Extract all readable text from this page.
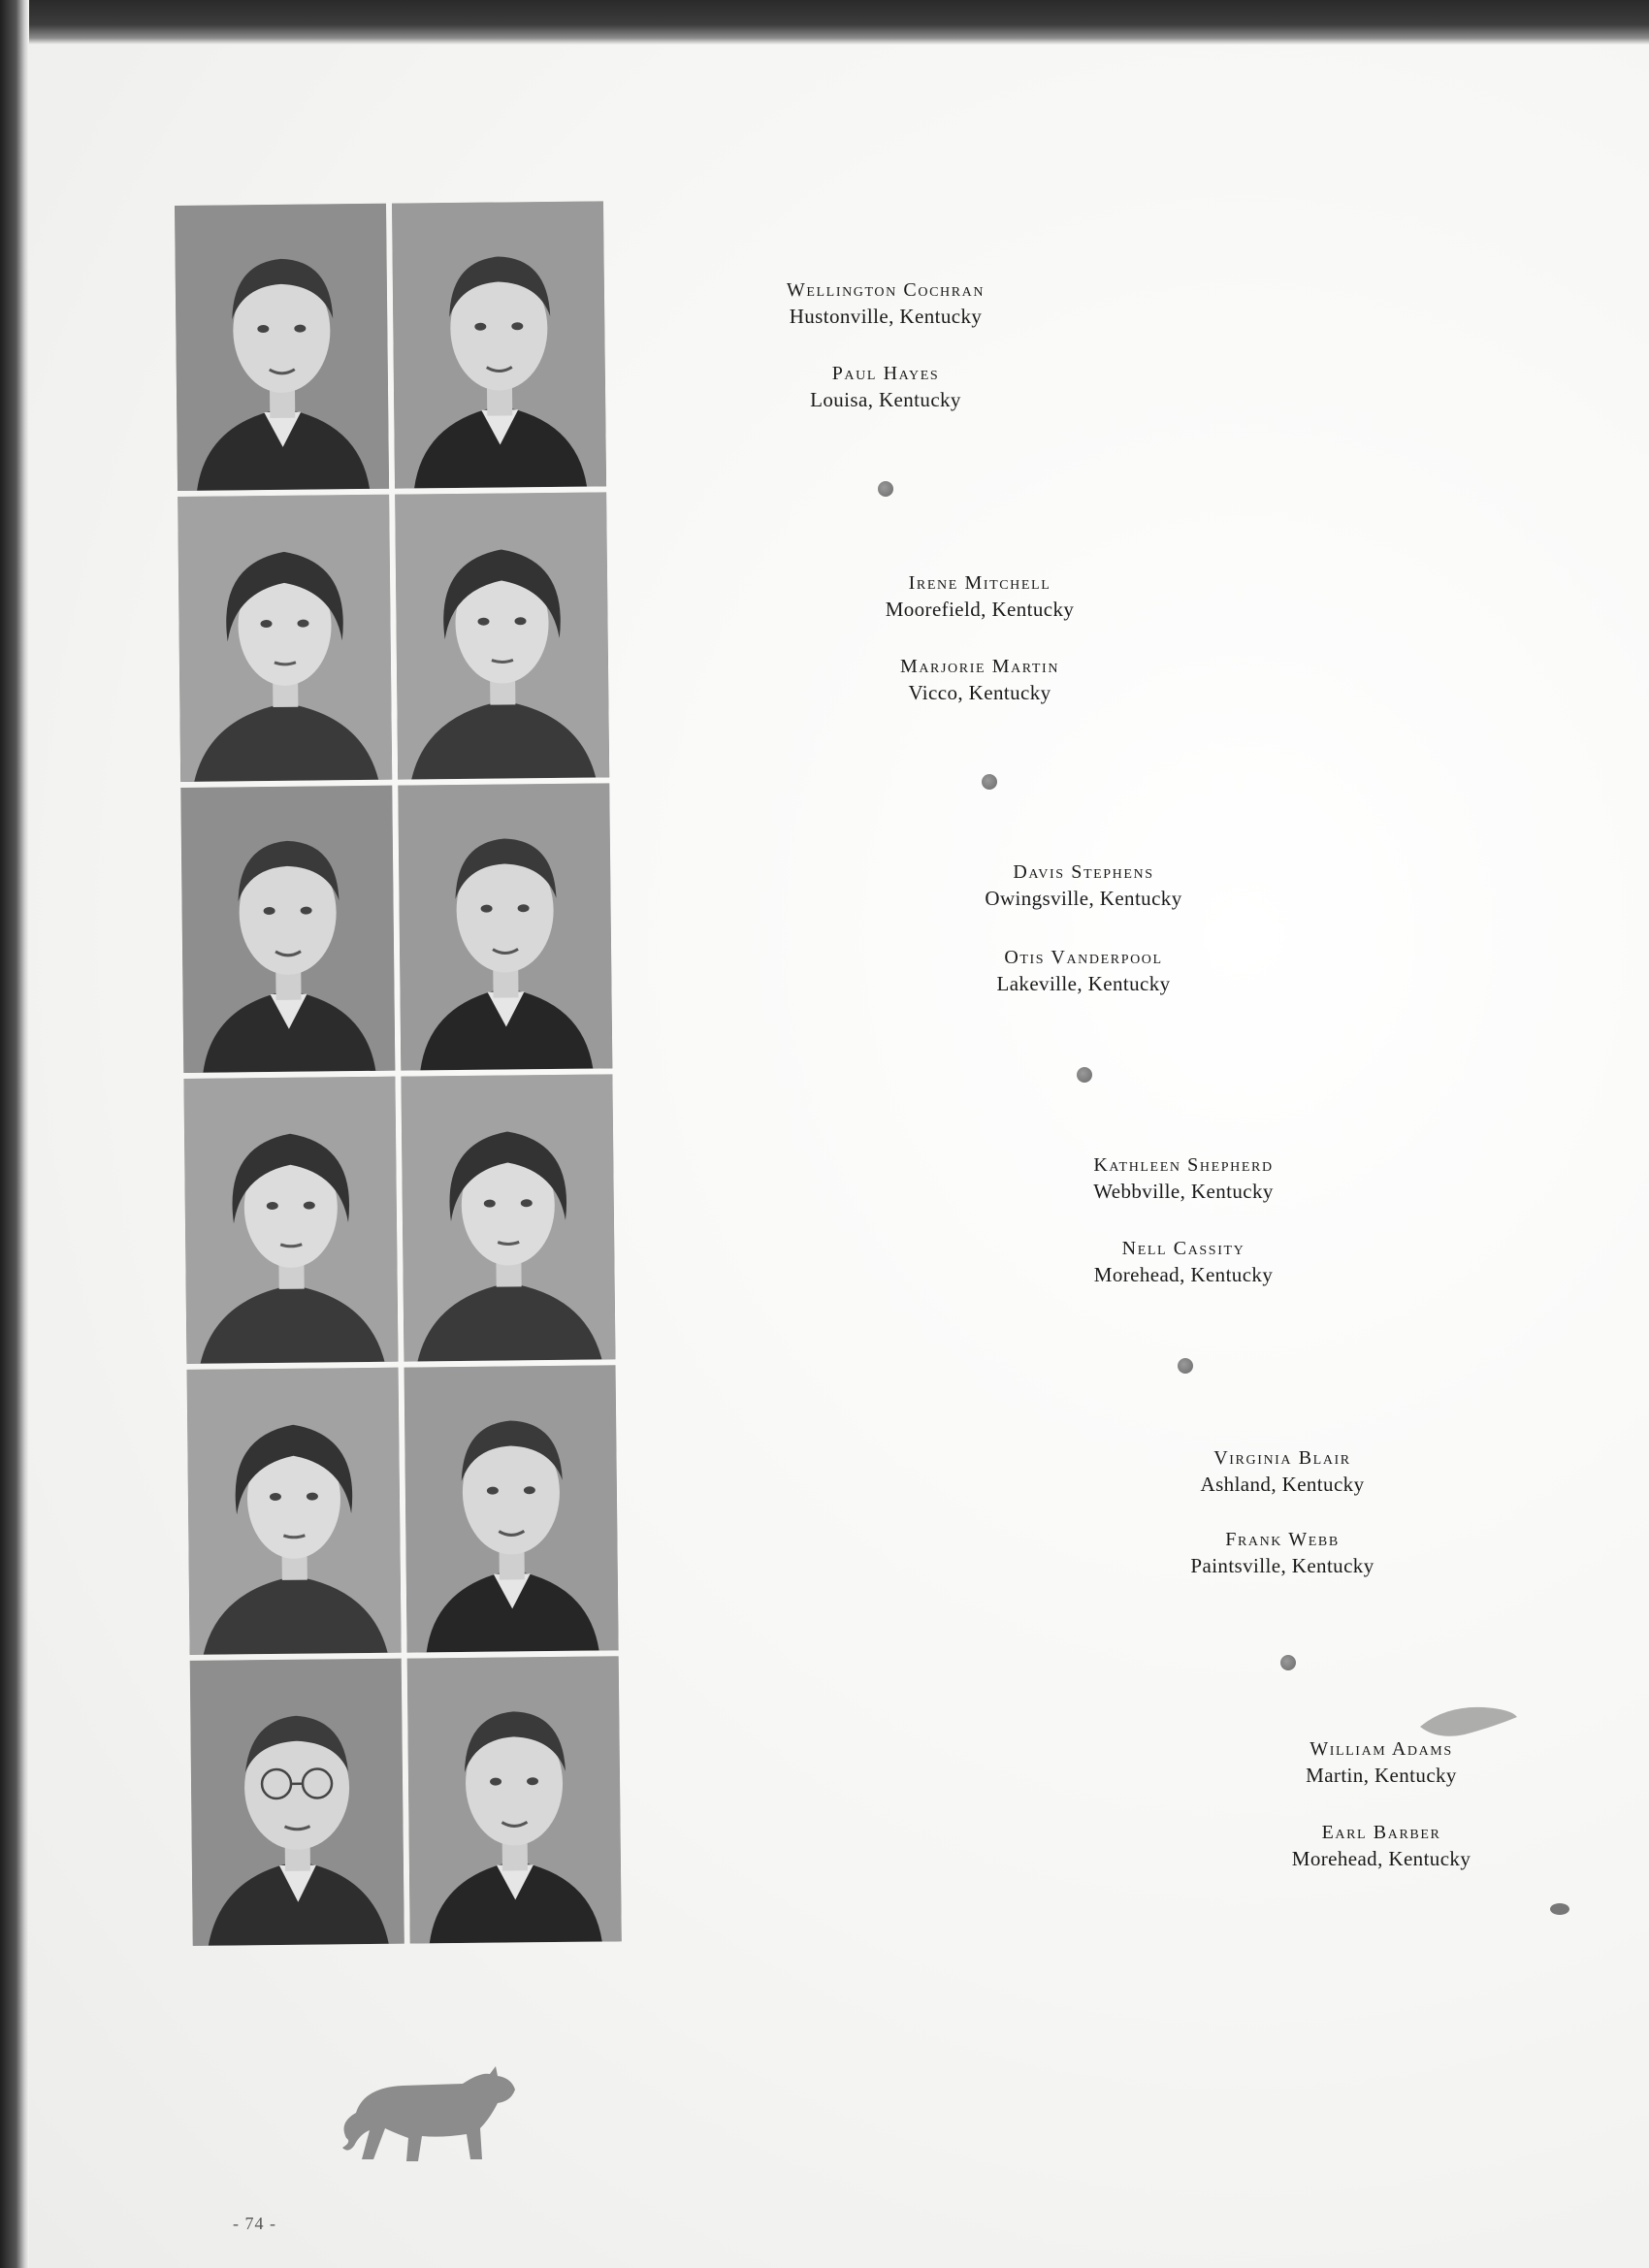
Wellington Cochran
Hustonville, Kentucky
Paul Hayes
Louisa, Kentucky
Irene Mitchell
Moorefield, Kentucky
Marjorie Martin
Vicco, Kentucky
Davis Stephens
Owingsville, Kentucky
Otis Vanderpool
Lakeville, Kentucky
Kathleen Shepherd
Webbville, Kentucky
Nell Cassity
Morehead, Kentucky
Virginia Blair
Ashland, Kentucky
Frank Webb
Paintsville, Kentucky
William Adams
Martin, Kentucky
Earl Barber
Morehead, Kentucky
- 74 -
